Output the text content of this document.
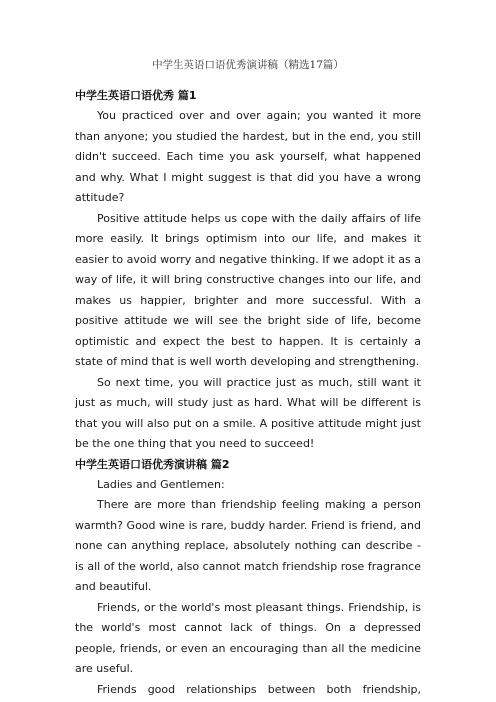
中学生英语口语优秀演讲稿（精选17篇）
中学生英语口语优秀 篇1

You practiced over and over again; you wanted it more than anyone; you studied the hardest, but in the end, you still didn't succeed. Each time you ask yourself, what happened and why. What I might suggest is that did you have a wrong attitude?

Positive attitude helps us cope with the daily affairs of life more easily. It brings optimism into our life, and makes it easier to avoid worry and negative thinking. If we adopt it as a way of life, it will bring constructive changes into our life, and makes us happier, brighter and more successful. With a positive attitude we will see the bright side of life, become optimistic and expect the best to happen. It is certainly a state of mind that is well worth developing and strengthening.

So next time, you will practice just as much, still want it just as much, will study just as hard. What will be different is that you will also put on a smile. A positive attitude might just be the one thing that you need to succeed!

中学生英语口语优秀演讲稿 篇2

Ladies and Gentlemen:

There are more than friendship feeling making a person warmth? Good wine is rare, buddy harder. Friend is friend, and none can anything replace, absolutely nothing can describe - is all of the world, also cannot match friendship rose fragrance and beautiful.

Friends, or the world's most pleasant things. Friendship, is the world's most cannot lack of things. On a depressed people, friends, or even an encouraging than all the medicine are useful.

Friends good relationships between both friendship,
